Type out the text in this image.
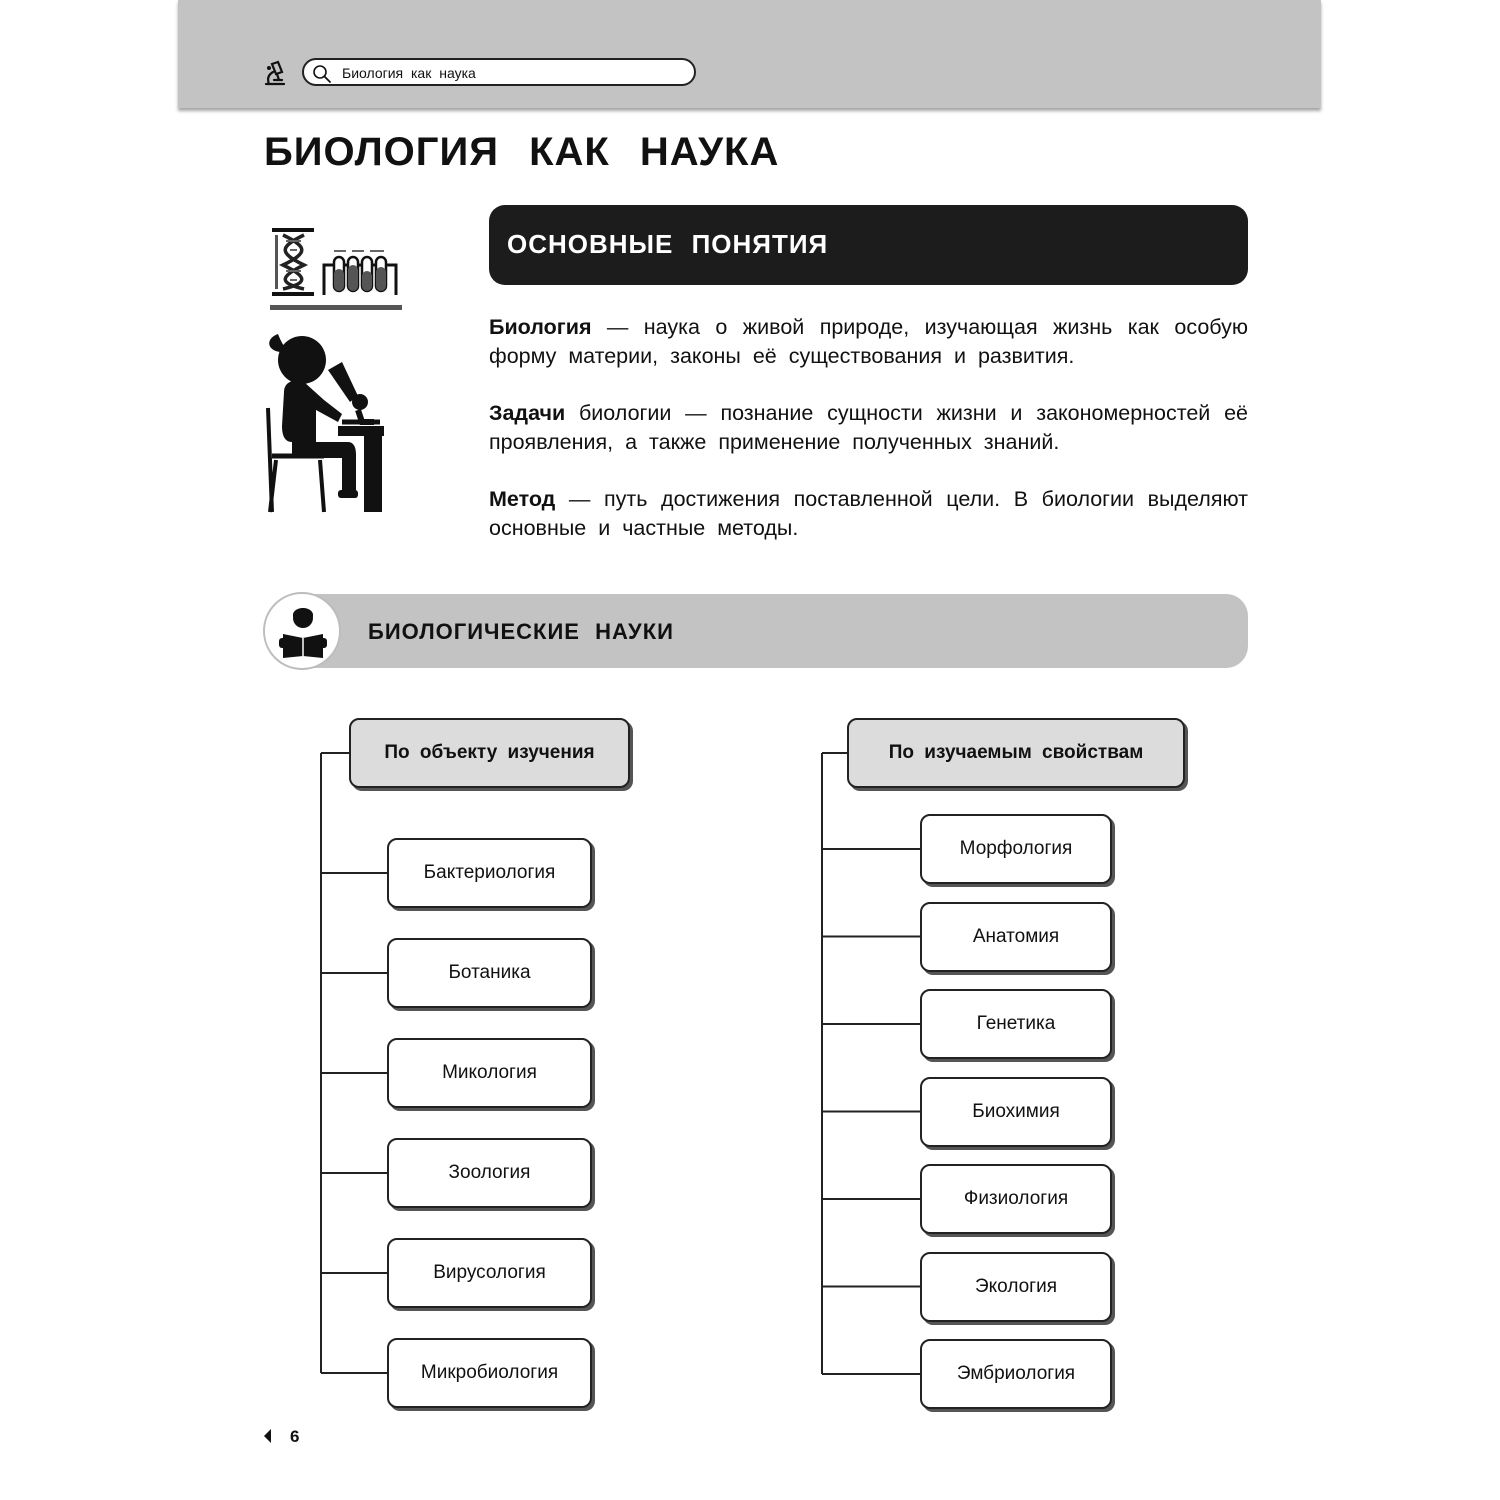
Биология как наука
БИОЛОГИЯ КАК НАУКА
ОСНОВНЫЕ ПОНЯТИЯ

Биология — наука о живой природе, изучающая жизнь как особую форму материи, законы её существования и развития.

Задачи биологии — познание сущности жизни и закономерностей её проявления, а также применение полученных знаний.

Метод — путь достижения поставленной цели. В биологии выделяют основные и частные методы.

БИОЛОГИЧЕСКИЕ НАУКИ
По объекту изучения
Бактериология
Ботаника
Микология
Зоология
Вирусология
Микробиология
По изучаемым свойствам
Морфология
Анатомия
Генетика
Биохимия
Физиология
Экология
Эмбриология
6
